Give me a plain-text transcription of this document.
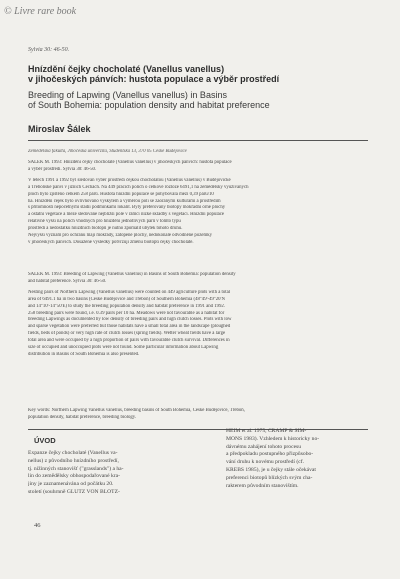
© Livre rare book
Sylvia 30: 46-50.
Hnízdění čejky chocholaté (Vanellus vanellus)
v jihočeských pánvích: hustota populace a výběr prostředí
Breeding of Lapwing (Vanellus vanellus) in Basins
of South Bohemia: population density and habitat preference
Miroslav Šálek
Zemědělská fakulta, Jihočeská univerzita, Studentská 13, 370 05 České Budějovice
ŠÁLEK M. 1993: Hnízdění čejky chocholaté (Vanellus vanellus) v jihočeských pánvích: hustota populace
a výběr prostředí. Sylvia 30: 46-50.
V letech 1991 a 1992 byl sledován výběr prostředí čejkou chocholatou (Vanellus vanellus) v Budějovické
a Třeboňské pánvi v jižních Čechách. Na 449 pracích polích o celkové rozloze 6491,1 ha zemědělsky využívaných
ploch bylo zjištěno celkem 258 párů. Hustota hnízdní populace se pohybovala mezi 0,39 páru/10
ha. Hnízdění čejek bylo ovlivňováno výskytem a výměrou polí se zaoranými kulturami a prostředím
s přítomností nepočetnými stádii podmínkami lokalit. Byly preferovány biotopy mokřadní orné plochy
a ostatní vegetace a meze sledované nejbližší pole v rámci nízké skladby s vegetací. Hnízdní populace
relativně vyšší na polích vhodných pro hnízdění jednotlivých párů v tomto typu
prostředí a nedostatku hnízdních biotopů je nutno zpomalit úbytek tohoto druhu.
Nejvyšší význam pro ochranu mají mokřady, zatopené plochy, nedokonalé odvodněné pozemky
v jihočeských pánvích. Dosažené výsledky potvrzují změnu biotopů čejky chocholaté.
ŠÁLEK M. 1993: Breeding of Lapwing (Vanellus vanellus) in Basins of South Bohemia: population density
and habitat preference. Sylvia 30: 46-50.
Nesting pairs of Northern Lapwing (Vanellus vanellus) were counted on 449 agriculture plots with a total
area of 6491.1 ha in two basins (České Budějovice and Třeboň) of Southern Bohemia (48°49'-49°20'N
and 14°10'-14°50'E) to study the breeding population density and habitat preference in 1991 and 1992.
258 breeding pairs were found, i.e. 0.39 pairs per 10 ha. Meadows were not favourable as a habitat for
breeding Lapwings as documented by low density of breeding pairs and high clutch losses. Plots with low
and sparse vegetation were preferred but those habitats have a small total area in the landscape (ploughed
fields, beds of ponds) or very high rate of clutch losses (spring fields). Wetter wheat fields have a large
total area and were occupied by a high proportion of pairs with favourable clutch survival. Differences in
size of occupied and unoccupied plots were not found. Some particular information about Lapwing
distribution in Basins of South Bohemia is also presented.
Key words: Northern Lapwing Vanellus vanellus, breeding basins of South Bohemia, České Budějovice, Třeboň,
population density, habitat preference, breeding biology.
ÚVOD
Expanze čejky chocholaté (Vanellus va-
nellus) z původního hnízdního prostředí,
tj. nížinných stanovišť ("grasslands") a ha-
lin do zemědělsky obhospodařované kra-
jiny je zaznamenávána od počátku 20.
století (souhrnně GLUTZ VON BLOTZ-
HEIM et al. 1975, CRAMP & SIM-
MONS 1983). Vzhledem k historicky no-
dávnému zahájení tohoto procesu
a předpokladu postupného přizpůsobo-
vání druhu k novému prostředí (cf.
KREBS 1985), je u čejky stále očekávat
preferenci biotopů blízkých svým cha-
rakterem původním stanovištím.
46
